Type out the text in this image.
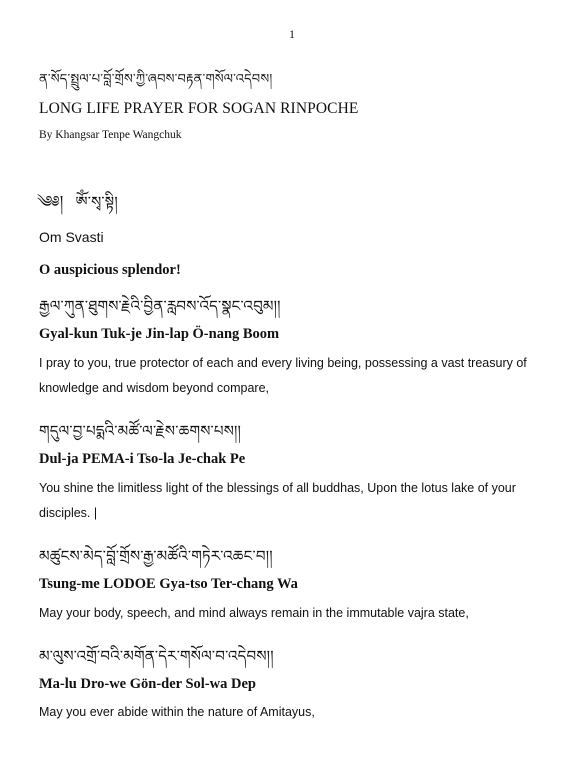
1
ན་སོད་སྤྲུལ་པ་བློ་གྲོས་ཀྱི་ཞབས་བརྟན་གསོལ་འདེབས།
LONG LIFE PRAYER FOR SOGAN RINPOCHE
By Khangsar Tenpe Wangchuk
༄༅། ཨོཾ་སྭ་སྟི།
Om Svasti
O auspicious splendor!
རྒྱལ་ཀུན་ཐུགས་རྗེའི་བྱིན་རླབས་འོད་སྣང་འབུམ།།
Gyal-kun Tuk-je Jin-lap Ö-nang Boom
I pray to you, true protector of each and every living being, possessing a vast treasury of knowledge and wisdom beyond compare,
གདུལ་བྱ་པདྨའི་མཚོ་ལ་རྗེས་ཆགས་པས།།
Dul-ja PEMA-i Tso-la Je-chak Pe
You shine the limitless light of the blessings of all buddhas, Upon the lotus lake of your disciples. |
མཚུངས་མེད་བློ་གྲོས་རྒྱ་མཚོའི་གཏེར་འཆང་བ།།
Tsung-me LODOE Gya-tso Ter-chang Wa
May your body, speech, and mind always remain in the immutable vajra state,
མ་ལུས་འགྲོ་བའི་མགོན་དེར་གསོལ་བ་འདེབས།།
Ma-lu Dro-we Gön-der Sol-wa Dep
May you ever abide within the nature of Amitayus,
